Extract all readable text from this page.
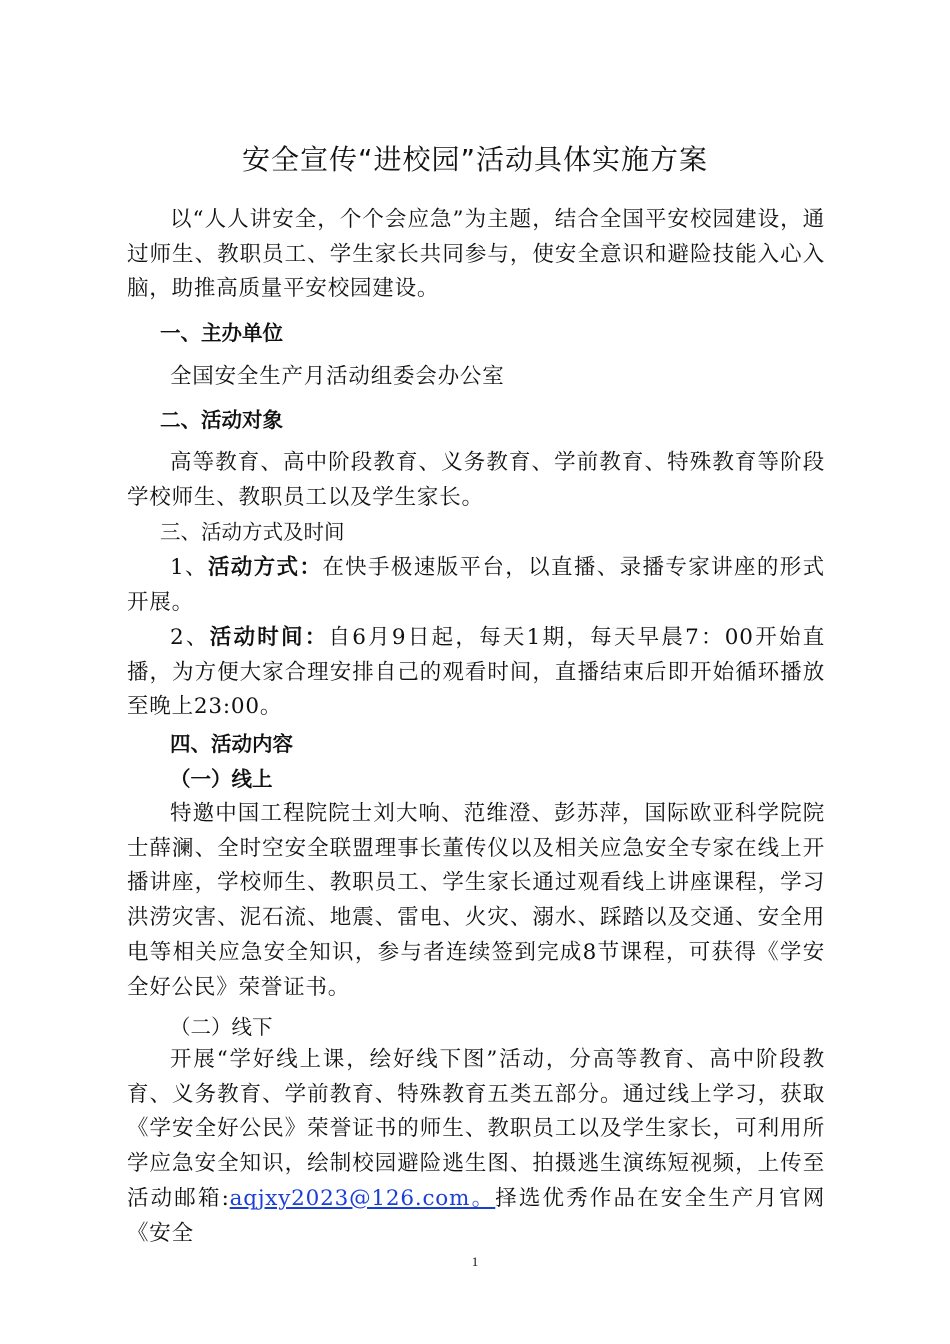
安全宣传“进校园”活动具体实施方案

以“人人讲安全，个个会应急”为主题，结合全国平安校园建设，通过师生、教职员工、学生家长共同参与，使安全意识和避险技能入心入脑，助推高质量平安校园建设。

一、主办单位

全国安全生产月活动组委会办公室

二、活动对象

高等教育、高中阶段教育、义务教育、学前教育、特殊教育等阶段学校师生、教职员工以及学生家长。

三、活动方式及时间

1、活动方式：在快手极速版平台，以直播、录播专家讲座的形式开展。

2、活动时间：自6月9日起，每天1期，每天早晨7：00开始直播，为方便大家合理安排自己的观看时间，直播结束后即开始循环播放至晚上23:00。

四、活动内容
（一）线上

特邀中国工程院院士刘大响、范维澄、彭苏萍，国际欧亚科学院院士薛澜、全时空安全联盟理事长董传仪以及相关应急安全专家在线上开播讲座，学校师生、教职员工、学生家长通过观看线上讲座课程，学习洪涝灾害、泥石流、地震、雷电、火灾、溺水、踩踏以及交通、安全用电等相关应急安全知识，参与者连续签到完成8节课程，可获得《学安全好公民》荣誉证书。

（二）线下

开展“学好线上课，绘好线下图”活动，分高等教育、高中阶段教育、义务教育、学前教育、特殊教育五类五部分。通过线上学习，获取《学安全好公民》荣誉证书的师生、教职员工以及学生家长，可利用所学应急安全知识，绘制校园避险逃生图、拍摄逃生演练短视频，上传至活动邮箱:aqjxy2023@126.com。择选优秀作品在安全生产月官网《安全

1
